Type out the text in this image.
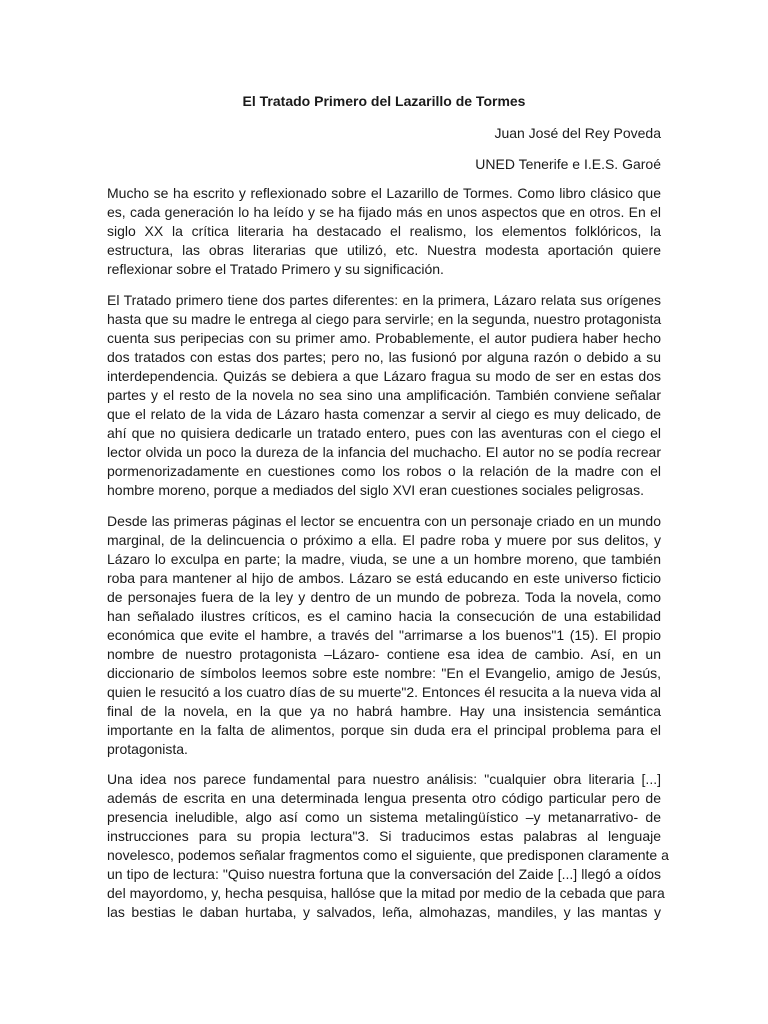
El Tratado Primero del Lazarillo de Tormes
Juan José del Rey Poveda
UNED Tenerife e I.E.S. Garoé
Mucho se ha escrito y reflexionado sobre el Lazarillo de Tormes. Como libro clásico que
es, cada generación lo ha leído y se ha fijado más en unos aspectos que en otros. En el
siglo XX la crítica literaria ha destacado el realismo, los elementos folklóricos, la
estructura, las obras literarias que utilizó, etc. Nuestra modesta aportación quiere
reflexionar sobre el Tratado Primero y su significación.
El Tratado primero tiene dos partes diferentes: en la primera, Lázaro relata sus orígenes
hasta que su madre le entrega al ciego para servirle; en la segunda, nuestro protagonista
cuenta sus peripecias con su primer amo. Probablemente, el autor pudiera haber hecho
dos tratados con estas dos partes; pero no, las fusionó por alguna razón o debido a su
interdependencia. Quizás se debiera a que Lázaro fragua su modo de ser en estas dos
partes y el resto de la novela no sea sino una amplificación. También conviene señalar
que el relato de la vida de Lázaro hasta comenzar a servir al ciego es muy delicado, de
ahí que no quisiera dedicarle un tratado entero, pues con las aventuras con el ciego el
lector olvida un poco la dureza de la infancia del muchacho. El autor no se podía recrear
pormenorizadamente en cuestiones como los robos o la relación de la madre con el
hombre moreno, porque a mediados del siglo XVI eran cuestiones sociales peligrosas.
Desde las primeras páginas el lector se encuentra con un personaje criado en un mundo
marginal, de la delincuencia o próximo a ella. El padre roba y muere por sus delitos, y
Lázaro lo exculpa en parte; la madre, viuda, se une a un hombre moreno, que también
roba para mantener al hijo de ambos. Lázaro se está educando en este universo ficticio
de personajes fuera de la ley y dentro de un mundo de pobreza. Toda la novela, como
han señalado ilustres críticos, es el camino hacia la consecución de una estabilidad
económica que evite el hambre, a través del "arrimarse a los buenos"1 (15). El propio
nombre de nuestro protagonista –Lázaro- contiene esa idea de cambio. Así, en un
diccionario de símbolos leemos sobre este nombre: "En el Evangelio, amigo de Jesús,
quien le resucitó a los cuatro días de su muerte"2. Entonces él resucita a la nueva vida al
final de la novela, en la que ya no habrá hambre. Hay una insistencia semántica
importante en la falta de alimentos, porque sin duda era el principal problema para el
protagonista.
Una idea nos parece fundamental para nuestro análisis: "cualquier obra literaria [...]
además de escrita en una determinada lengua presenta otro código particular pero de
presencia ineludible, algo así como un sistema metalingüístico –y metanarrativo- de
instrucciones para su propia lectura"3. Si traducimos estas palabras al lenguaje
novelesco, podemos señalar fragmentos como el siguiente, que predisponen claramente a
un tipo de lectura: "Quiso nuestra fortuna que la conversación del Zaide [...] llegó a oídos
del mayordomo, y, hecha pesquisa, hallóse que la mitad por medio de la cebada que para
las bestias le daban hurtaba, y salvados, leña, almohazas, mandiles, y las mantas y
